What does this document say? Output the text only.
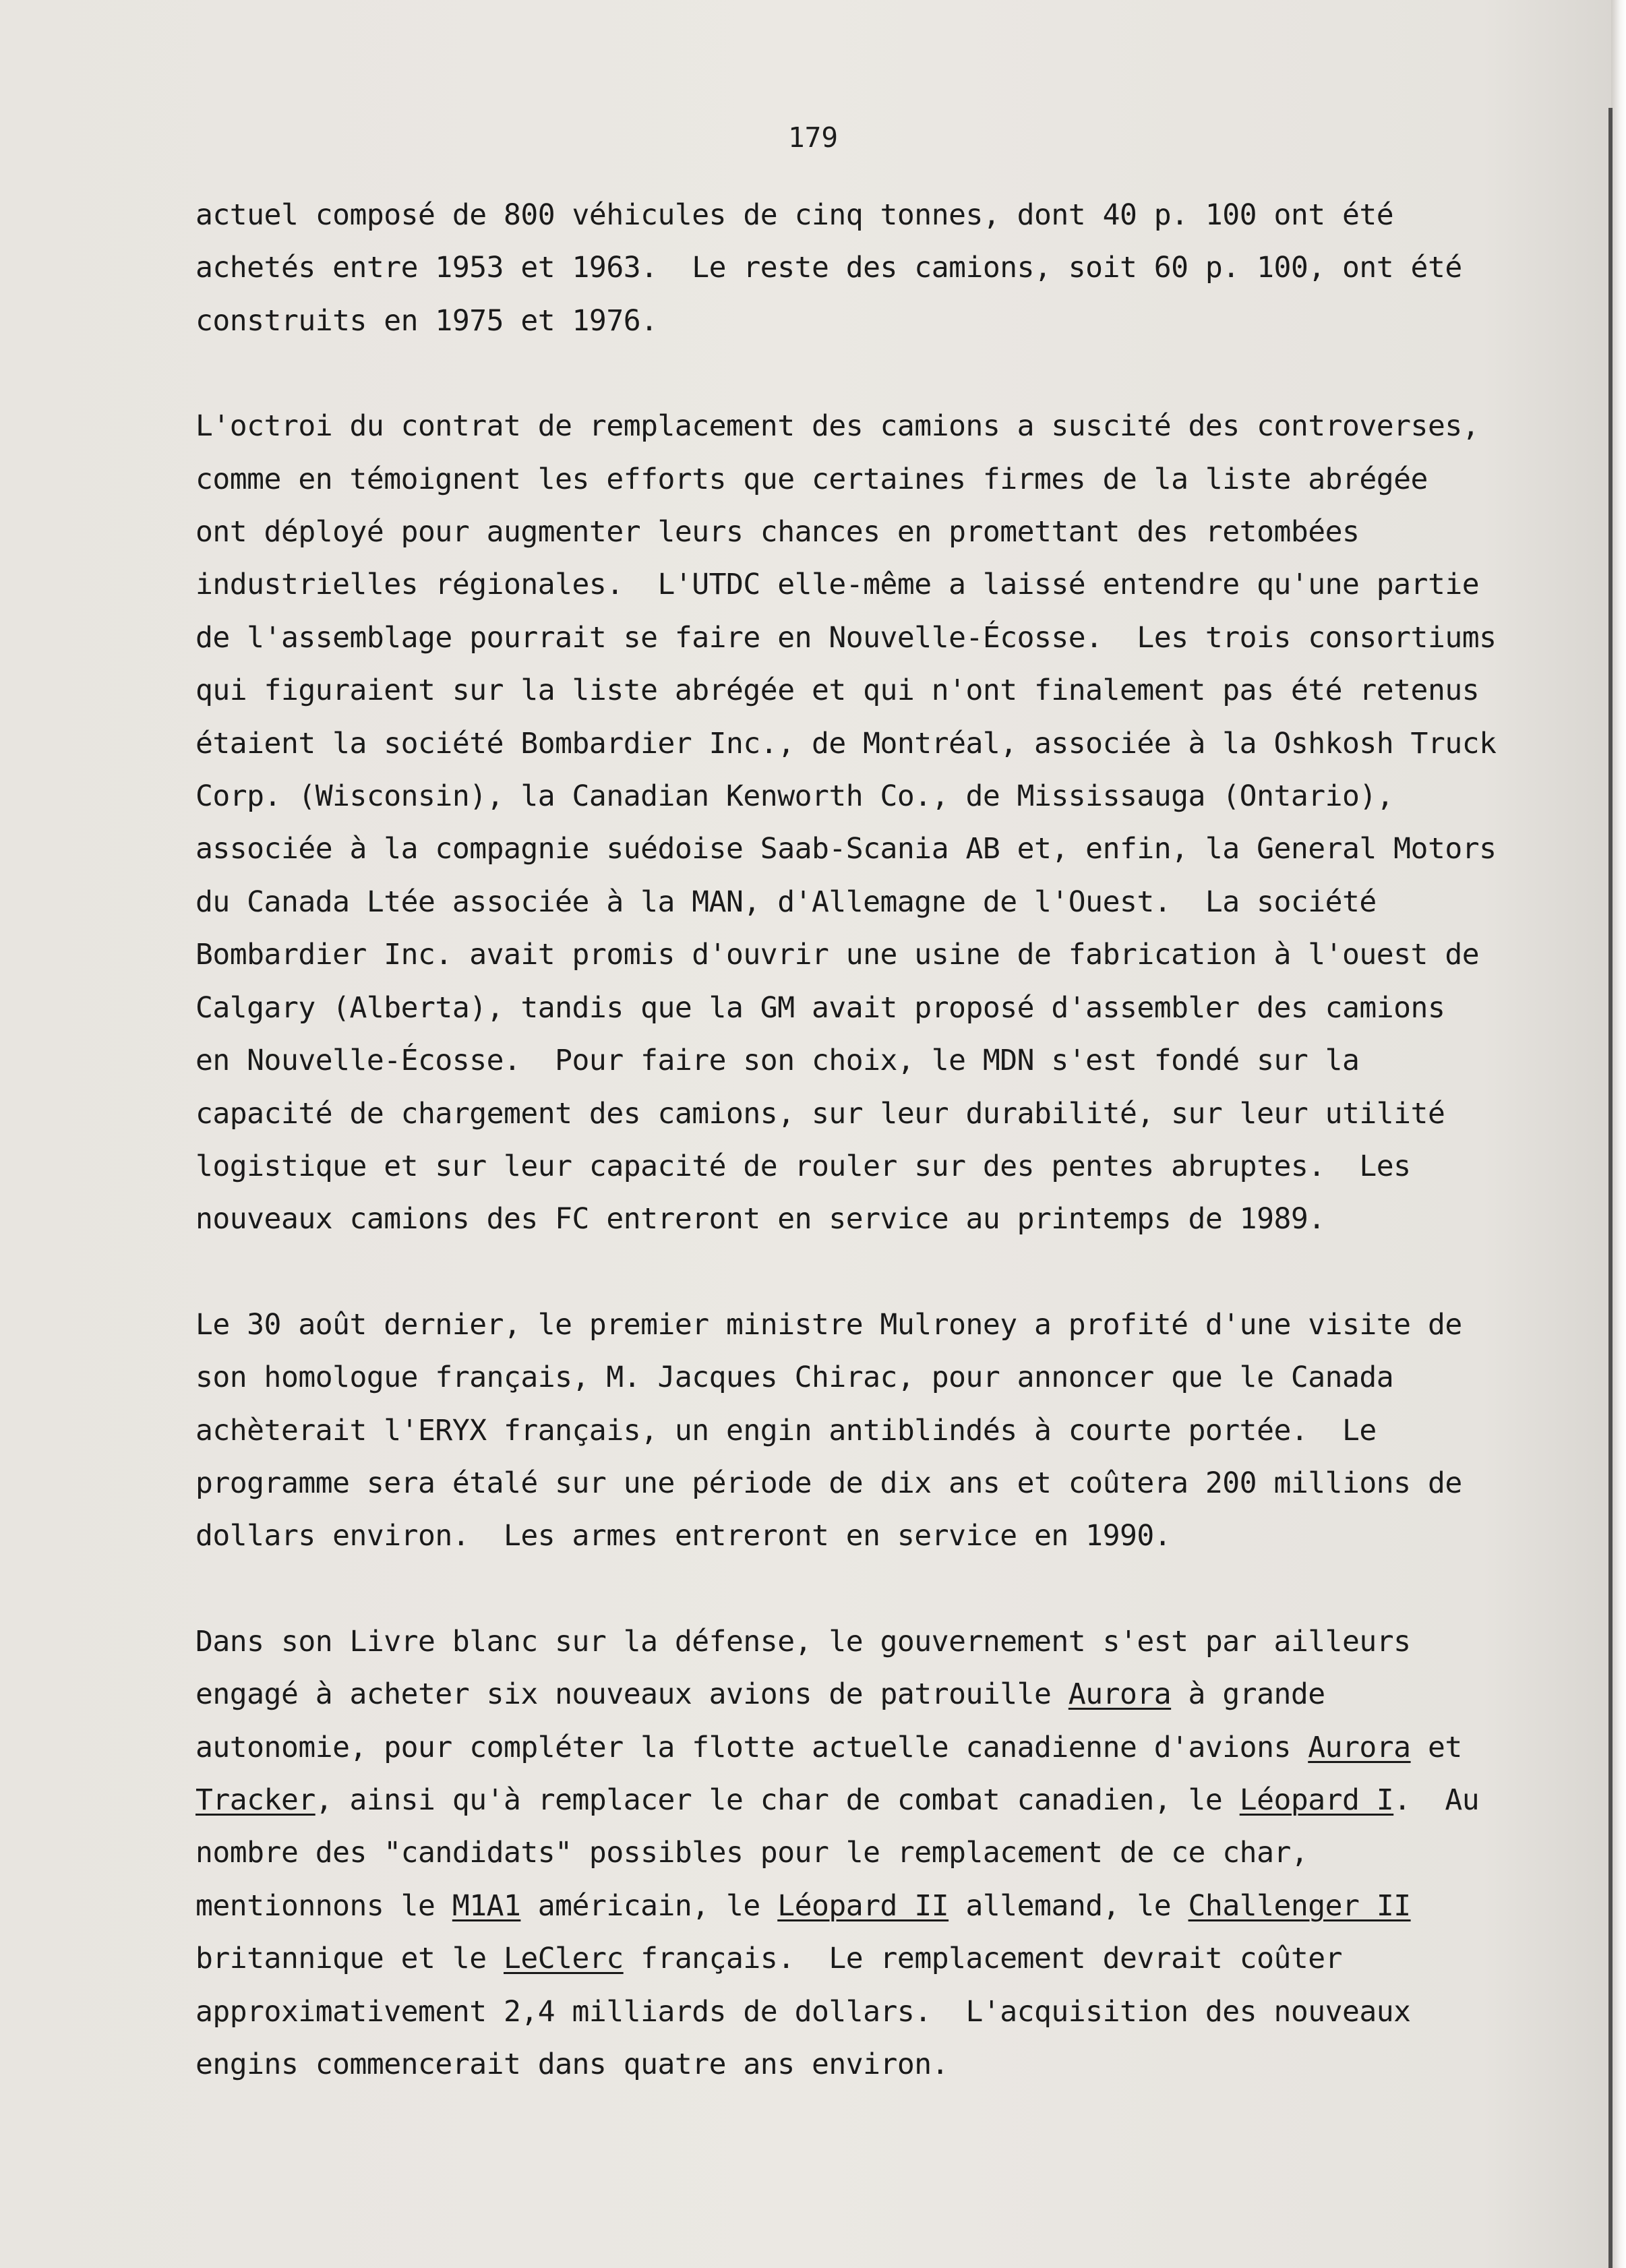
179
actuel composé de 800 véhicules de cinq tonnes, dont 40 p. 100 ont été
achetés entre 1953 et 1963.  Le reste des camions, soit 60 p. 100, ont été
construits en 1975 et 1976.
L'octroi du contrat de remplacement des camions a suscité des controverses,
comme en témoignent les efforts que certaines firmes de la liste abrégée
ont déployé pour augmenter leurs chances en promettant des retombées
industrielles régionales.  L'UTDC elle-même a laissé entendre qu'une partie
de l'assemblage pourrait se faire en Nouvelle-Écosse.  Les trois consortiums
qui figuraient sur la liste abrégée et qui n'ont finalement pas été retenus
étaient la société Bombardier Inc., de Montréal, associée à la Oshkosh Truck
Corp. (Wisconsin), la Canadian Kenworth Co., de Mississauga (Ontario),
associée à la compagnie suédoise Saab-Scania AB et, enfin, la General Motors
du Canada Ltée associée à la MAN, d'Allemagne de l'Ouest.  La société
Bombardier Inc. avait promis d'ouvrir une usine de fabrication à l'ouest de
Calgary (Alberta), tandis que la GM avait proposé d'assembler des camions
en Nouvelle-Écosse.  Pour faire son choix, le MDN s'est fondé sur la
capacité de chargement des camions, sur leur durabilité, sur leur utilité
logistique et sur leur capacité de rouler sur des pentes abruptes.  Les
nouveaux camions des FC entreront en service au printemps de 1989.
Le 30 août dernier, le premier ministre Mulroney a profité d'une visite de
son homologue français, M. Jacques Chirac, pour annoncer que le Canada
achèterait l'ERYX français, un engin antiblindés à courte portée.  Le
programme sera étalé sur une période de dix ans et coûtera 200 millions de
dollars environ.  Les armes entreront en service en 1990.
Dans son Livre blanc sur la défense, le gouvernement s'est par ailleurs
engagé à acheter six nouveaux avions de patrouille Aurora à grande
autonomie, pour compléter la flotte actuelle canadienne d'avions Aurora et
Tracker, ainsi qu'à remplacer le char de combat canadien, le Léopard I.  Au
nombre des "candidats" possibles pour le remplacement de ce char,
mentionnons le M1A1 américain, le Léopard II allemand, le Challenger II
britannique et le LeClerc français.  Le remplacement devrait coûter
approximativement 2,4 milliards de dollars.  L'acquisition des nouveaux
engins commencerait dans quatre ans environ.
